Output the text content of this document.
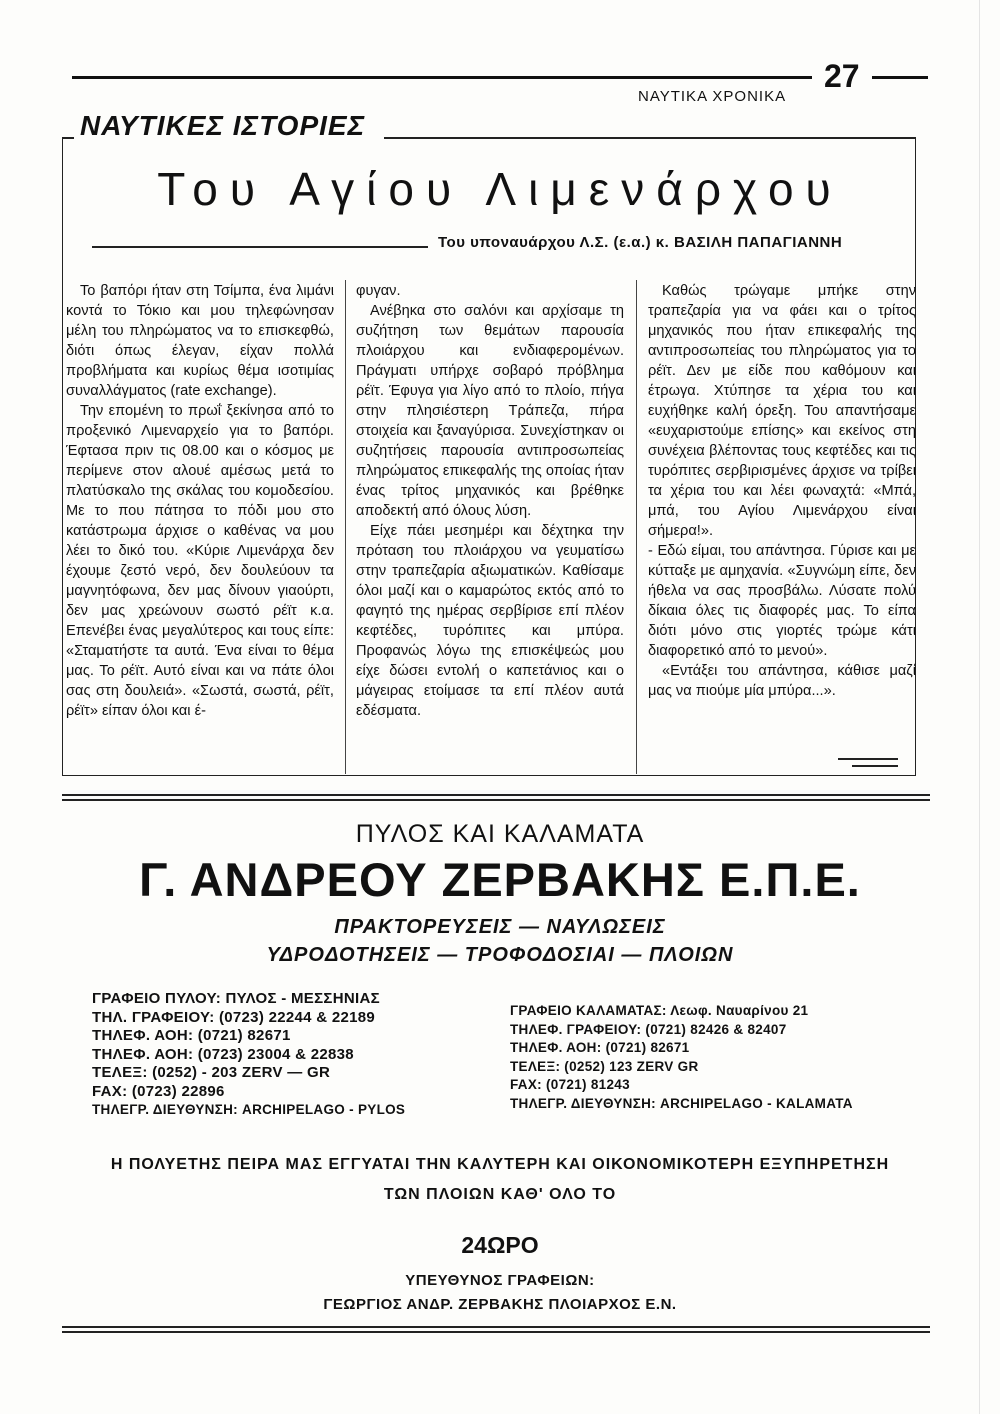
ΝΑΥΤΙΚΑ ΧΡΟΝΙΚΑ
27
ΝΑΥΤΙΚΕΣ ΙΣΤΟΡΙΕΣ
Του Αγίου Λιμενάρχου
Του υποναυάρχου Λ.Σ. (ε.α.) κ. ΒΑΣΙΛΗ ΠΑΠΑΓΙΑΝΝΗ

Το βαπόρι ήταν στη Τσίμπα, ένα λιμάνι κοντά το Τόκιο και μου τηλεφώνησαν μέλη του πληρώματος να το επισκεφθώ, διότι όπως έλεγαν, είχαν πολλά προβλήματα και κυρίως θέμα ισοτιμίας συναλλάγματος (rate exchange).

Την επομένη το πρωΐ ξεκίνησα από το προξενικό Λιμεναρχείο για το βαπόρι. Έφτασα πριν τις 08.00 και ο κόσμος με περίμενε στον αλουέ αμέσως μετά το πλατύσκαλο της σκάλας του κομοδεσίου. Με το που πάτησα το πόδι μου στο κατάστρωμα άρχισε ο καθένας να μου λέει το δικό του. «Κύριε Λιμενάρχα δεν έχουμε ζεστό νερό, δεν δουλεύουν τα μαγνητόφωνα, δεν μας δίνουν γιαούρτι, δεν μας χρεώνουν σωστό ρέϊτ κ.α. Επενέβει ένας μεγαλύτερος και τους είπε: «Σταματήστε τα αυτά. Ένα είναι το θέμα μας. Το ρέϊτ. Αυτό είναι και να πάτε όλοι σας στη δουλειά». «Σωστά, σωστά, ρέϊτ, ρέϊτ» είπαν όλοι και έ-

φυγαν.

Ανέβηκα στο σαλόνι και αρχίσαμε τη συζήτηση των θεμάτων παρουσία πλοιάρχου και ενδιαφερομένων. Πράγματι υπήρχε σοβαρό πρόβλημα ρέϊτ. Έφυγα για λίγο από το πλοίο, πήγα στην πλησιέστερη Τράπεζα, πήρα στοιχεία και ξαναγύρισα. Συνεχίστηκαν οι συζητήσεις παρουσία αντιπροσωπείας πληρώματος επικεφαλής της οποίας ήταν ένας τρίτος μηχανικός και βρέθηκε αποδεκτή από όλους λύση.

Είχε πάει μεσημέρι και δέχτηκα την πρόταση του πλοιάρχου να γευματίσω στην τραπεζαρία αξιωματικών. Καθίσαμε όλοι μαζί και ο καμαρώτος εκτός από το φαγητό της ημέρας σερβίρισε επί πλέον κεφτέδες, τυρόπιτες και μπύρα. Προφανώς λόγω της επισκέψεώς μου είχε δώσει εντολή ο καπετάνιος και ο μάγειρας ετοίμασε τα επί πλέον αυτά εδέσματα.

Καθώς τρώγαμε μπήκε στην τραπεζαρία για να φάει και ο τρίτος μηχανικός που ήταν επικεφαλής της αντιπροσωπείας του πληρώματος για το ρέϊτ. Δεν με είδε που καθόμουν και έτρωγα. Χτύπησε τα χέρια του και ευχήθηκε καλή όρεξη. Του απαντήσαμε «ευχαριστούμε επίσης» και εκείνος στη συνέχεια βλέποντας τους κεφτέδες και τις τυρόπιτες σερβιρισμένες άρχισε να τρίβει τα χέρια του και λέει φωναχτά: «Μπά, μπά, του Αγίου Λιμενάρχου είναι σήμερα!».

- Εδώ είμαι, του απάντησα. Γύρισε και με κύτταξε με αμηχανία. «Συγνώμη είπε, δεν ήθελα να σας προσβάλω. Λύσατε πολύ δίκαια όλες τις διαφορές μας. Το είπα διότι μόνο στις γιορτές τρώμε κάτι διαφορετικό από το μενού».

«Εντάξει του απάντησα, κάθισε μαζί μας να πιούμε μία μπύρα...».

ΠΥΛΟΣ ΚΑΙ ΚΑΛΑΜΑΤΑ
Γ. ΑΝΔΡΕΟΥ ΖΕΡΒΑΚΗΣ Ε.Π.Ε.
ΠΡΑΚΤΟΡΕΥΣΕΙΣ — ΝΑΥΛΩΣΕΙΣ
ΥΔΡΟΔΟΤΗΣΕΙΣ — ΤΡΟΦΟΔΟΣΙΑΙ — ΠΛΟΙΩΝ
ΓΡΑΦΕΙΟ ΠΥΛΟΥ: ΠΥΛΟΣ - ΜΕΣΣΗΝΙΑΣ
ΤΗΛ. ΓΡΑΦΕΙΟΥ: (0723) 22244 & 22189
ΤΗΛΕΦ. ΑΟΗ: (0721) 82671
ΤΗΛΕΦ. ΑΟΗ: (0723) 23004 & 22838
ΤΕΛΕΞ: (0252) - 203 ZERV — GR
FAX: (0723) 22896
ΤΗΛΕΓΡ. ΔΙΕΥΘΥΝΣΗ: ARCHIPELAGO - PYLOS
ΓΡΑΦΕΙΟ ΚΑΛΑΜΑΤΑΣ: Λεωφ. Ναυαρίνου 21
ΤΗΛΕΦ. ΓΡΑΦΕΙΟΥ: (0721) 82426 & 82407
ΤΗΛΕΦ. ΑΟΗ: (0721) 82671
ΤΕΛΕΞ: (0252) 123 ZERV GR
FAX: (0721) 81243
ΤΗΛΕΓΡ. ΔΙΕΥΘΥΝΣΗ: ARCHIPELAGO - KALAMATA
Η ΠΟΛΥΕΤΗΣ ΠΕΙΡΑ ΜΑΣ ΕΓΓΥΑΤΑΙ ΤΗΝ ΚΑΛΥΤΕΡΗ ΚΑΙ ΟΙΚΟΝΟΜΙΚΟΤΕΡΗ ΕΞΥΠΗΡΕΤΗΣΗ
ΤΩΝ ΠΛΟΙΩΝ ΚΑΘ' ΟΛΟ ΤΟ
24ΩΡΟ
ΥΠΕΥΘΥΝΟΣ ΓΡΑΦΕΙΩΝ:
ΓΕΩΡΓΙΟΣ ΑΝΔΡ. ΖΕΡΒΑΚΗΣ ΠΛΟΙΑΡΧΟΣ Ε.Ν.
